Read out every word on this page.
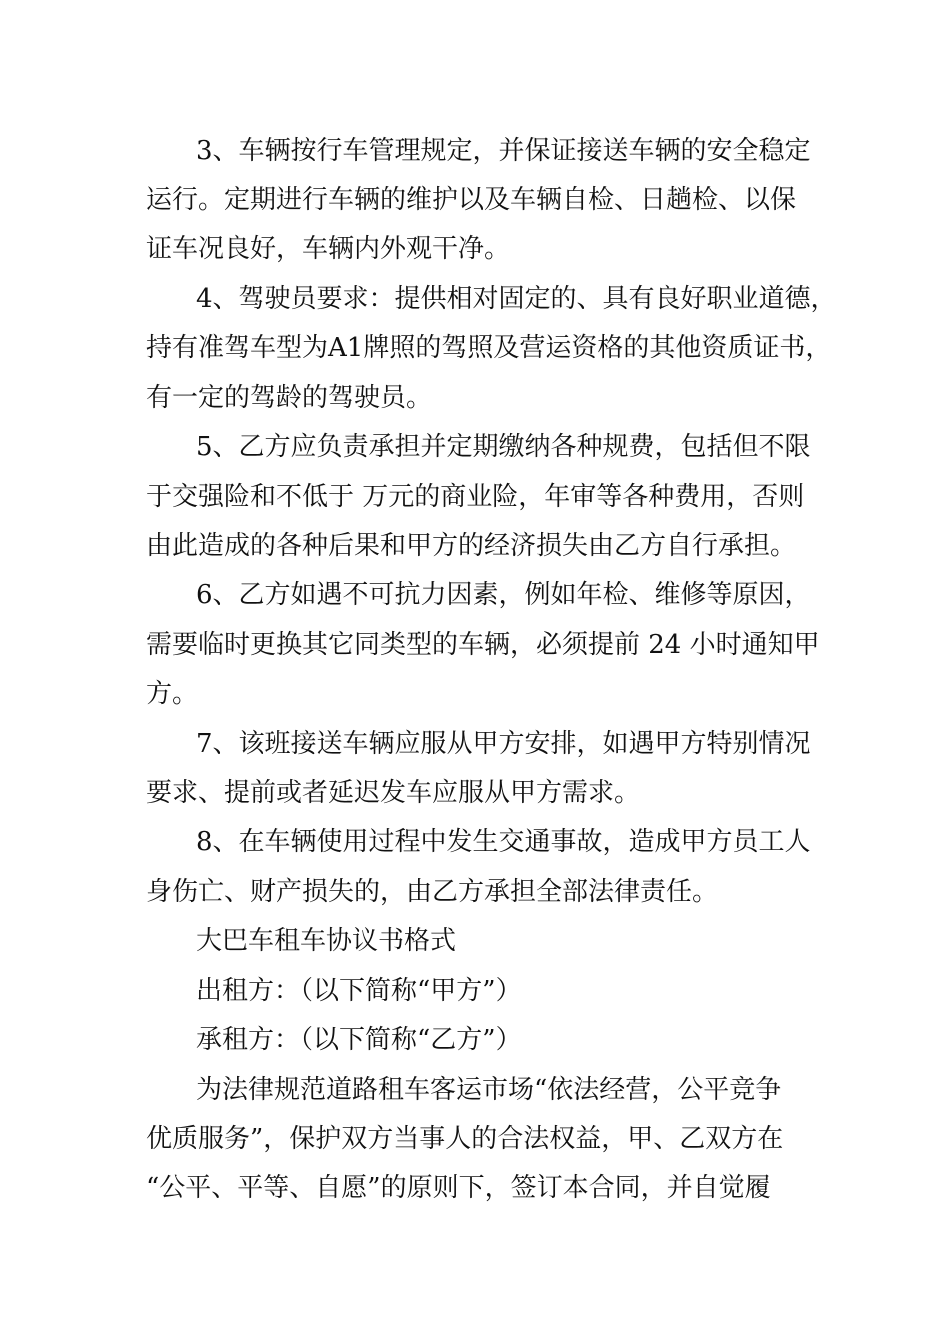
3、车辆按行车管理规定，并保证接送车辆的安全稳定
运行。定期进行车辆的维护以及车辆自检、日趟检、以保
证车况良好，车辆内外观干净。
4、驾驶员要求：提供相对固定的、具有良好职业道德，
持有准驾车型为A1牌照的驾照及营运资格的其他资质证书，
有一定的驾龄的驾驶员。
5、乙方应负责承担并定期缴纳各种规费，包括但不限
于交强险和不低于 万元的商业险，年审等各种费用，否则
由此造成的各种后果和甲方的经济损失由乙方自行承担。
6、乙方如遇不可抗力因素，例如年检、维修等原因，
需要临时更换其它同类型的车辆，必须提前 24 小时通知甲
方。
7、该班接送车辆应服从甲方安排，如遇甲方特别情况
要求、提前或者延迟发车应服从甲方需求。
8、在车辆使用过程中发生交通事故，造成甲方员工人
身伤亡、财产损失的，由乙方承担全部法律责任。
大巴车租车协议书格式
出租方：（以下简称“甲方”）
承租方：（以下简称“乙方”）
为法律规范道路租车客运市场“依法经营，公平竞争
优质服务”，保护双方当事人的合法权益，甲、乙双方在
“公平、平等、自愿”的原则下，签订本合同，并自觉履
